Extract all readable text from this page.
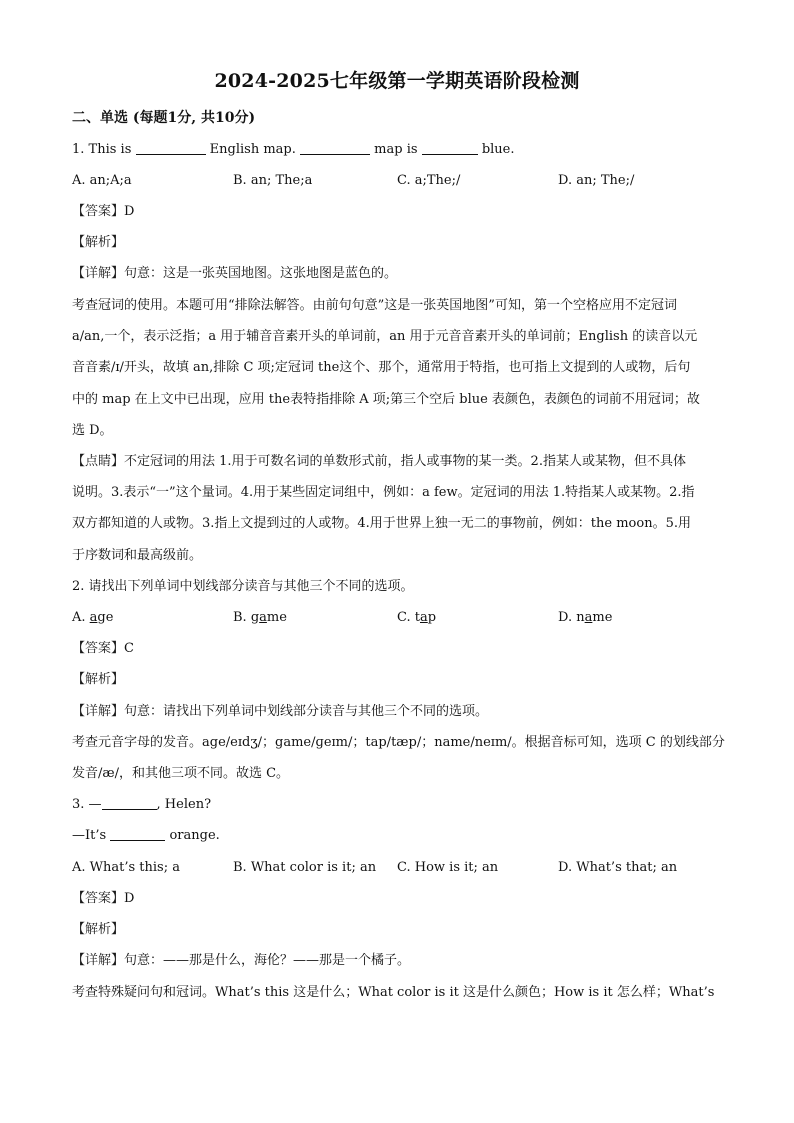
2024-2025七年级第一学期英语阶段检测
二、单选 (每题1分, 共10分)
1. This is	English map.	map is	blue.
A. an;A;a	B. an; The;a	C. a;The;/	D. an; The;/
【答案】D
【解析】
【详解】句意：这是一张英国地图。这张地图是蓝色的。
考查冠词的使用。本题可用“排除法解答。由前句句意”这是一张英国地图”可知，第一个空格应用不定冠词
a/an,一个，表示泛指；a 用于辅音音素开头的单词前，an 用于元音音素开头的单词前；English 的读音以元
音音素/ɪ/开头，故填 an,排除 C 项;定冠词 the这个、那个，通常用于特指，也可指上文提到的人或物，后句
中的 map 在上文中已出现，应用 the表特指排除 A 项;第三个空后 blue 表颜色，表颜色的词前不用冠词；故
选 D。
【点睛】不定冠词的用法 1.用于可数名词的单数形式前，指人或事物的某一类。2.指某人或某物，但不具体
说明。3.表示“一”这个量词。4.用于某些固定词组中，例如：a few。定冠词的用法 1.特指某人或某物。2.指
双方都知道的人或物。3.指上文提到过的人或物。4.用于世界上独一无二的事物前，例如：the moon。5.用
于序数词和最高级前。
2. 请找出下列单词中划线部分读音与其他三个不同的选项。
A. age	B. game	C. tap	D. name
【答案】C
【解析】
【详解】句意：请找出下列单词中划线部分读音与其他三个不同的选项。
考查元音字母的发音。age/eɪdʒ/；game/ɡeɪm/；tap/tæp/；name/neɪm/。根据音标可知，选项 C 的划线部分
发音/æ/，和其他三项不同。故选 C。
3. —	, Helen?
—It’s	orange.
A. What’s this; a	B. What color is it; an C. How is it; an	D. What’s that; an
【答案】D
【解析】
【详解】句意：——那是什么，海伦？——那是一个橘子。
考查特殊疑问句和冠词。What’s this 这是什么；What color is it 这是什么颜色；How is it 怎么样；What’s
